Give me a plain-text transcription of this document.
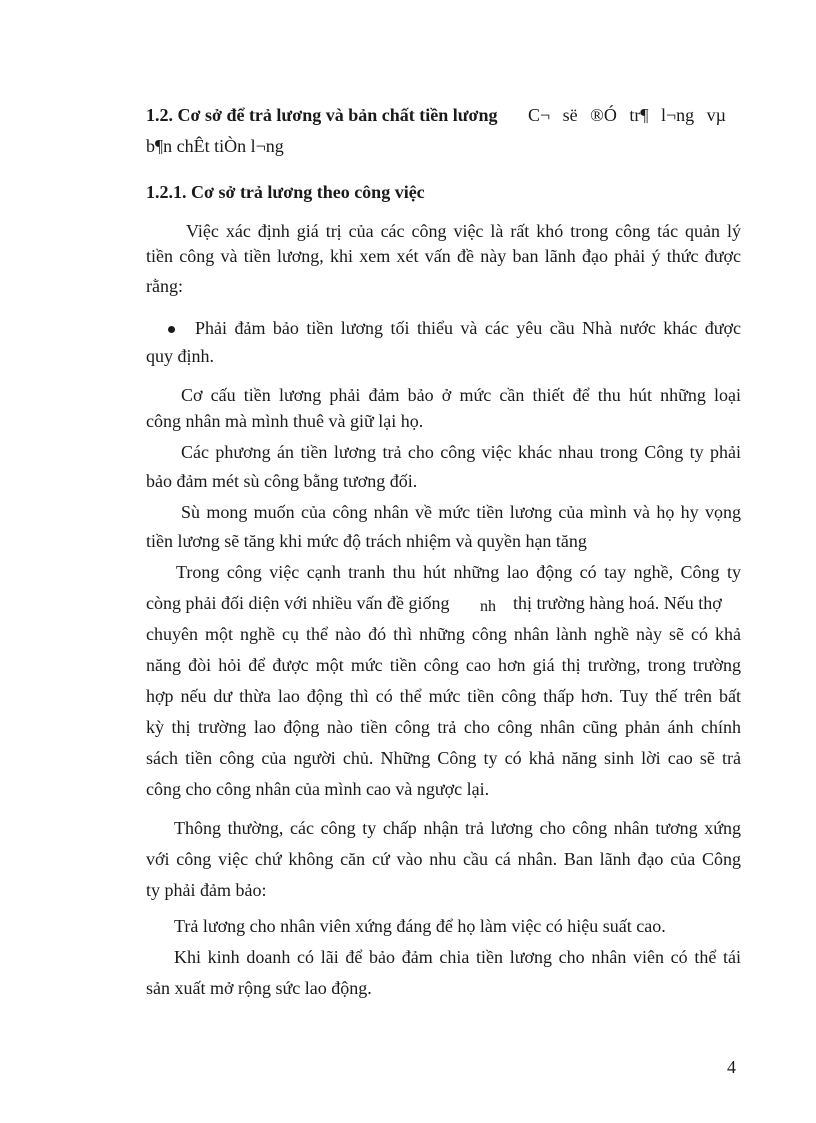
1.2. Cơ sở để trả lương và bản chất tiền lương C¬ së ®Ó tr¶ l¬ng vµ
b¶n chÊt tiÒn l¬ng
1.2.1. Cơ sở trả lương theo công việc
Việc xác định giá trị của các công việc là rất khó trong công tác quản lý
tiền công và tiền lương, khi xem xét vấn đề này ban lãnh đạo phải ý thức được
rằng:
Phải đảm bảo tiền lương tối thiểu và các yêu cầu Nhà nước khác được
quy định.
Cơ cấu tiền lương phải đảm bảo ở mức cần thiết để thu hút những loại
công nhân mà mình thuê và giữ lại họ.
Các phương án tiền lương trả cho công việc khác nhau trong Công ty phải
bảo đảm mét sù công bằng tương đối.
Sù mong muốn của công nhân về mức tiền lương của mình và họ hy vọng
tiền lương sẽ tăng khi mức độ trách nhiệm và quyền hạn tăng
Trong công việc cạnh tranh thu hút những lao động có tay nghề, Công ty
còng phải đối diện với nhiều vấn đề giống nh thị trường hàng hoá. Nếu thợ
chuyên một nghề cụ thể nào đó thì những công nhân lành nghề này sẽ có khả
năng đòi hỏi để được một mức tiền công cao hơn giá thị trường, trong trường
hợp nếu dư thừa lao động thì có thể mức tiền công thấp hơn. Tuy thế trên bất
kỳ thị trường lao động nào tiền công trả cho công nhân cũng phản ánh chính
sách tiền công của người chủ. Những Công ty có khả năng sinh lời cao sẽ trả
công cho công nhân của mình cao và ngược lại.
Thông thường, các công ty chấp nhận trả lương cho công nhân tương xứng
với công việc chứ không căn cứ vào nhu cầu cá nhân. Ban lãnh đạo của Công
ty phải đảm bảo:
Trả lương cho nhân viên xứng đáng để họ làm việc có hiệu suất cao.
Khi kinh doanh có lãi để bảo đảm chia tiền lương cho nhân viên có thể tái
sản xuất mở rộng sức lao động.
4
